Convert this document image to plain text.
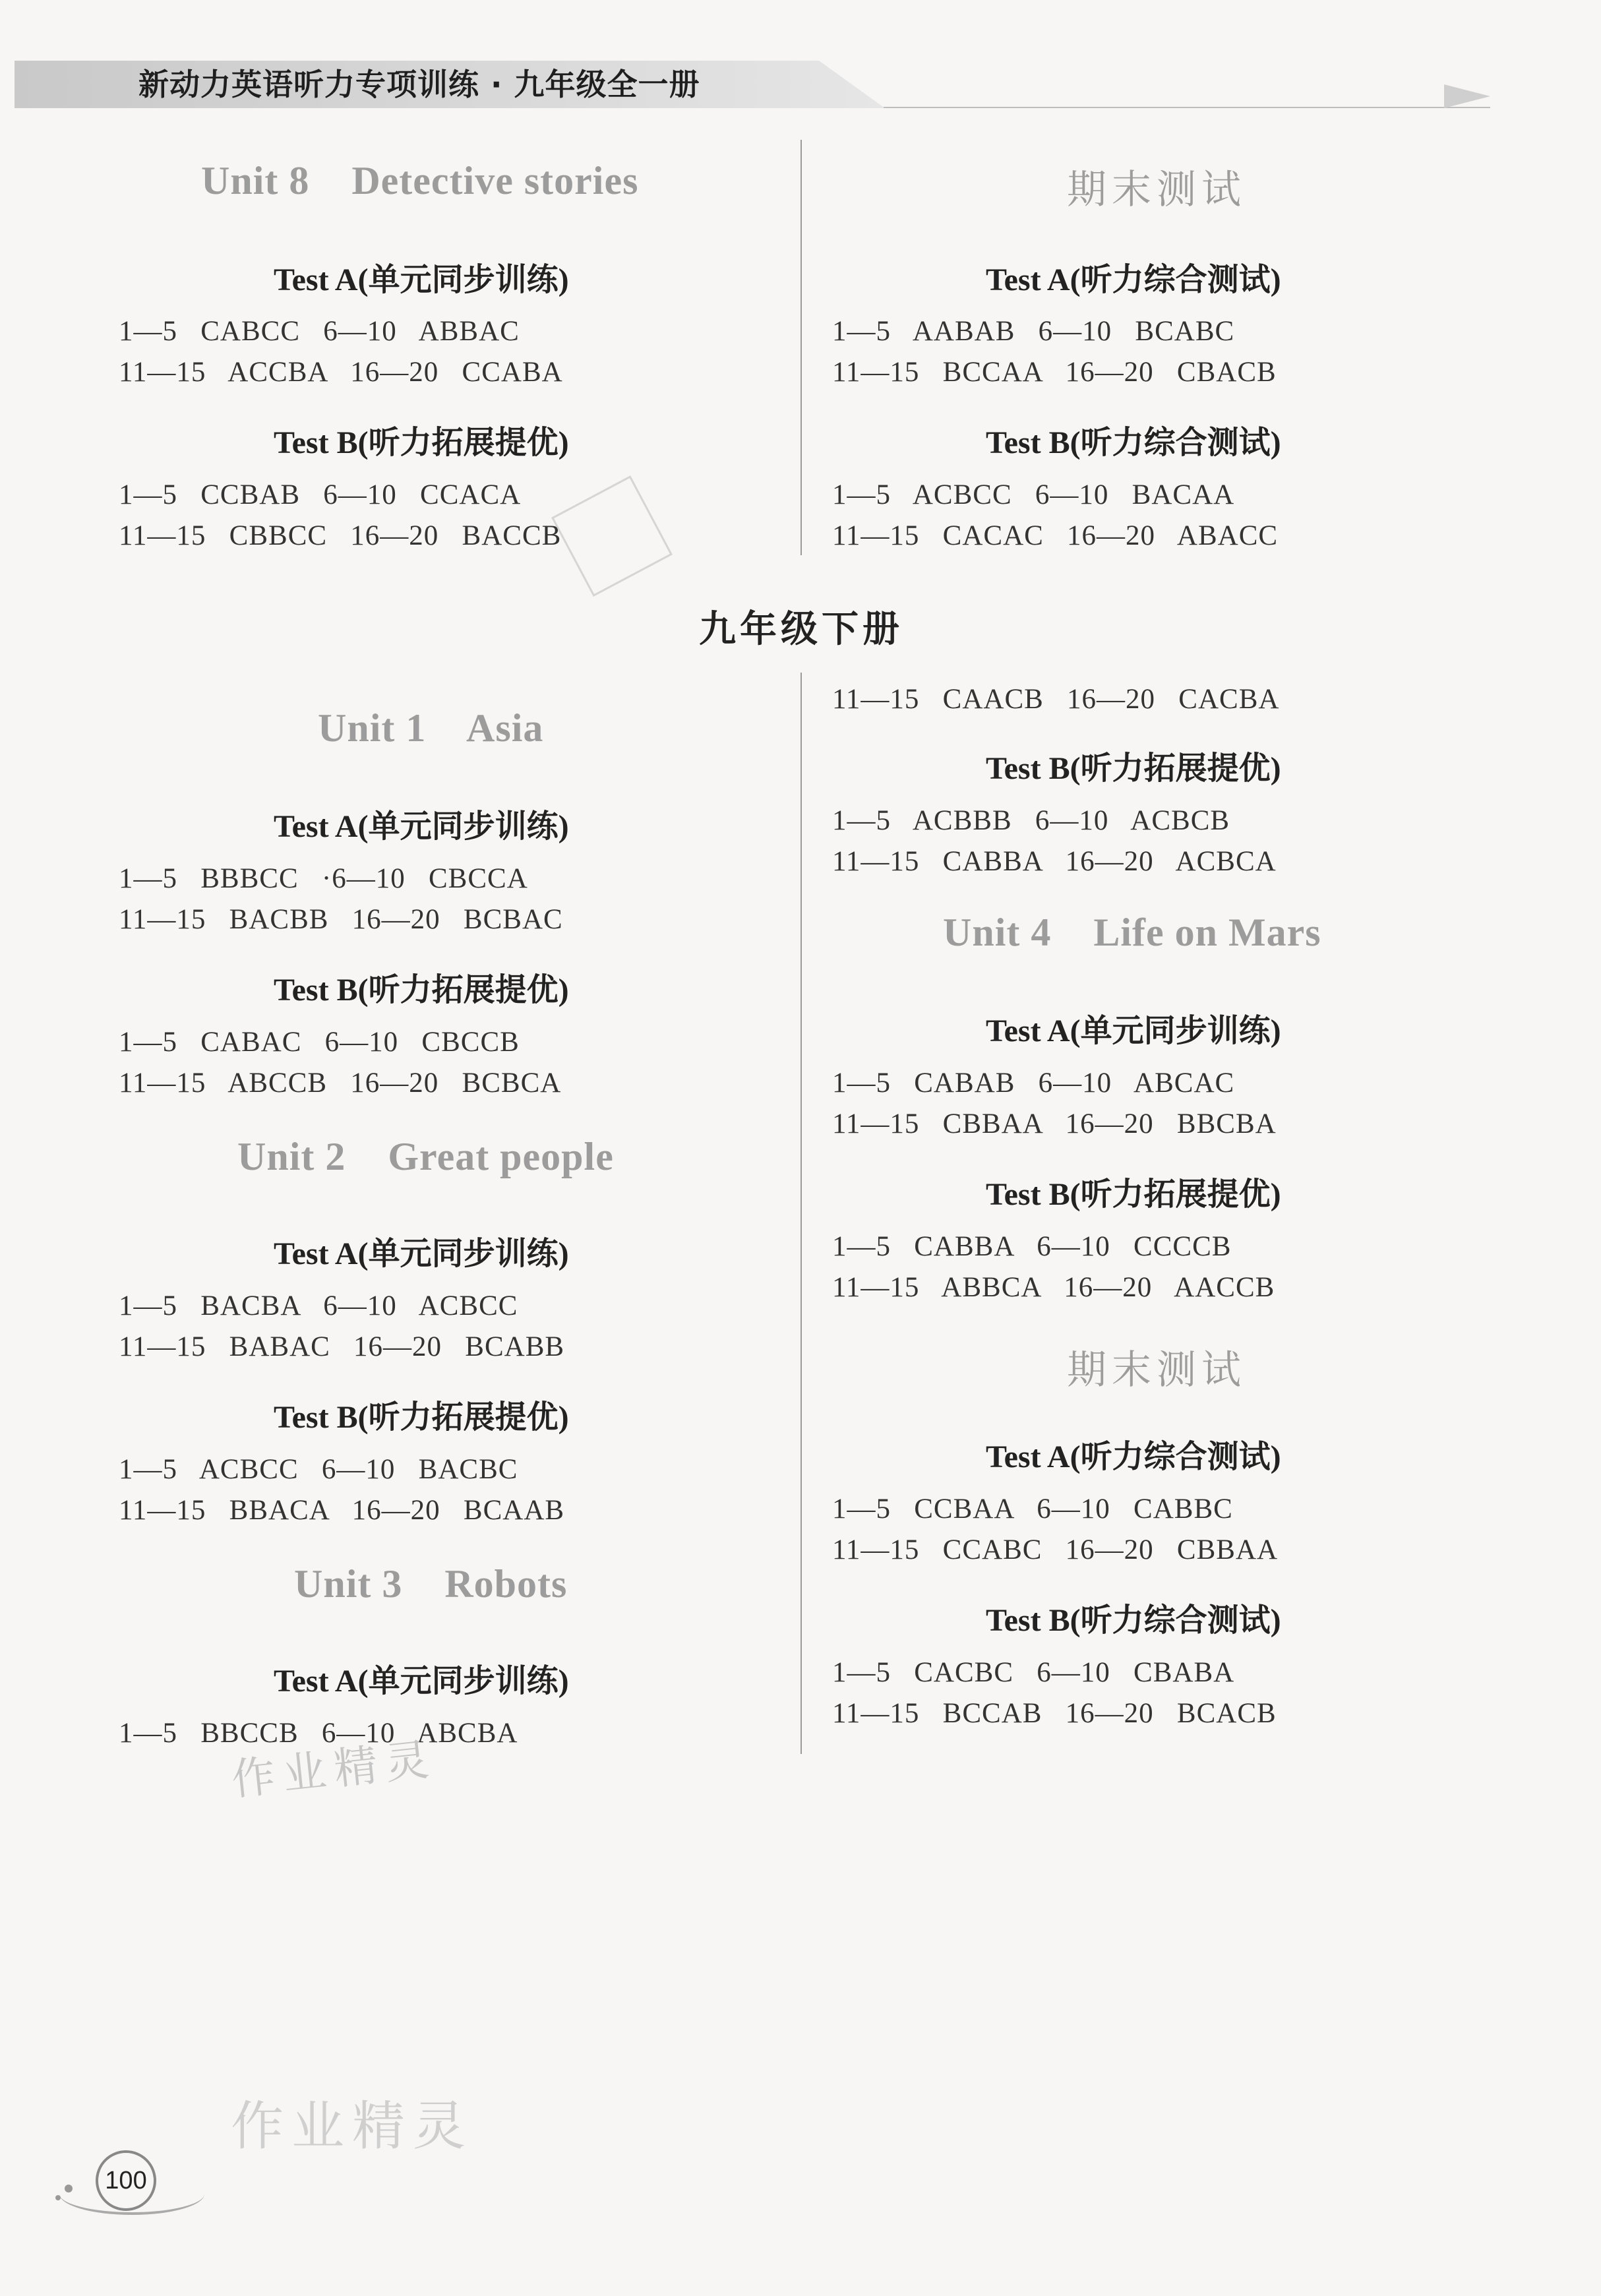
新动力英语听力专项训练 · 九年级全一册
Unit 8    Detective stories
Test A(单元同步训练)
1—5   CABCC   6—10   ABBAC
11—15   ACCBA   16—20   CCABA
Test B(听力拓展提优)
1—5   CCBAB   6—10   CCACA
11—15   CBBCC   16—20   BACCB
期末测试
Test A(听力综合测试)
1—5   AABAB   6—10   BCABC
11—15   BCCAA   16—20   CBACB
Test B(听力综合测试)
1—5   ACBCC   6—10   BACAA
11—15   CACAC   16—20   ABACC
九年级下册
Unit 1    Asia
Test A(单元同步训练)
1—5   BBBCC   ·6—10   CBCCA
11—15   BACBB   16—20   BCBAC
Test B(听力拓展提优)
1—5   CABAC   6—10   CBCCB
11—15   ABCCB   16—20   BCBCA
Unit 2    Great people
Test A(单元同步训练)
1—5   BACBA   6—10   ACBCC
11—15   BABAC   16—20   BCABB
Test B(听力拓展提优)
1—5   ACBCC   6—10   BACBC
11—15   BBACA   16—20   BCAAB
Unit 3    Robots
Test A(单元同步训练)
1—5   BBCCB   6—10   ABCBA
作业精灵
11—15   CAACB   16—20   CACBA
Test B(听力拓展提优)
1—5   ACBBB   6—10   ACBCB
11—15   CABBA   16—20   ACBCA
Unit 4    Life on Mars
Test A(单元同步训练)
1—5   CABAB   6—10   ABCAC
11—15   CBBAA   16—20   BBCBA
Test B(听力拓展提优)
1—5   CABBA   6—10   CCCCB
11—15   ABBCA   16—20   AACCB
期末测试
Test A(听力综合测试)
1—5   CCBAA   6—10   CABBC
11—15   CCABC   16—20   CBBAA
Test B(听力综合测试)
1—5   CACBC   6—10   CBABA
11—15   BCCAB   16—20   BCACB
作业精灵
100
